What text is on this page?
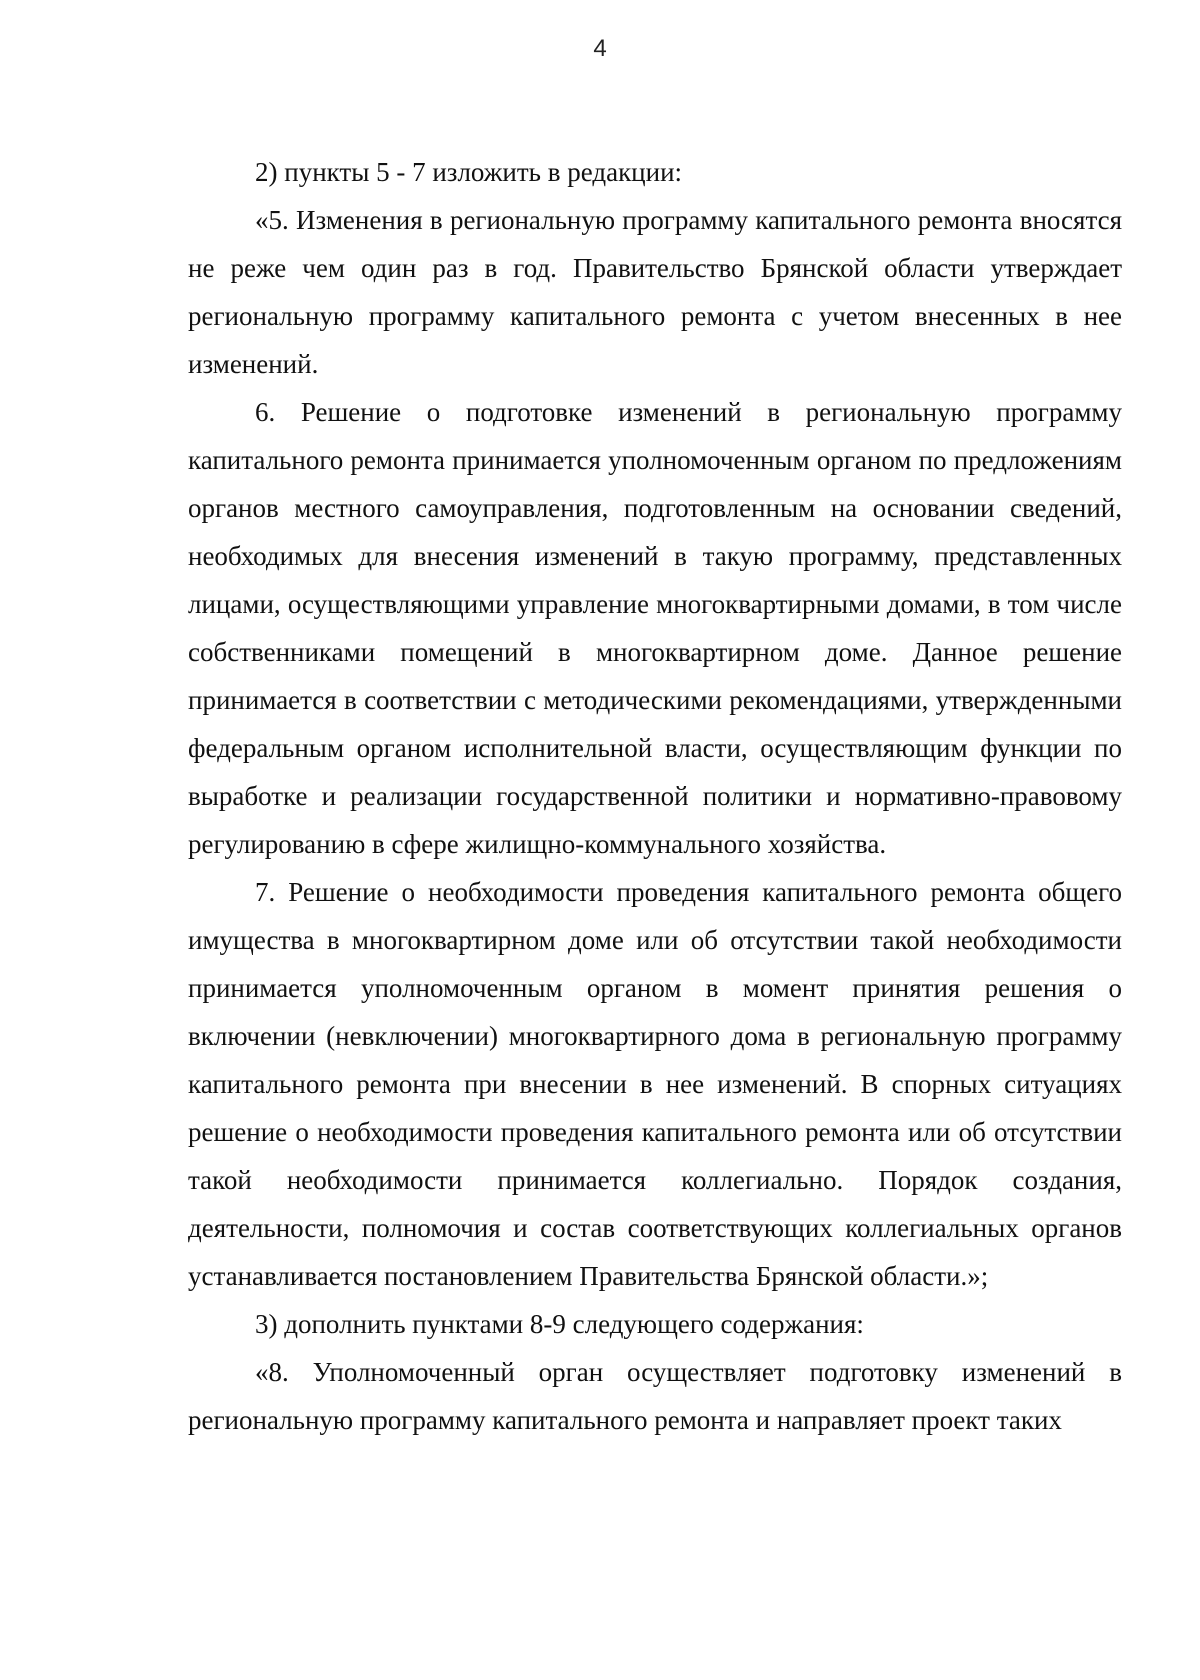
4

2) пункты 5 - 7 изложить в редакции:

«5. Изменения в региональную программу капитального ремонта вносятся не реже чем один раз в год. Правительство Брянской области утверждает региональную программу капитального ремонта с учетом внесенных в нее изменений.

6. Решение о подготовке изменений в региональную программу капитального ремонта принимается уполномоченным органом по предложениям органов местного самоуправления, подготовленным на основании сведений, необходимых для внесения изменений в такую программу, представленных лицами, осуществляющими управление многоквартирными домами, в том числе собственниками помещений в многоквартирном доме. Данное решение принимается в соответствии с методическими рекомендациями, утвержденными федеральным органом исполнительной власти, осуществляющим функции по выработке и реализации государственной политики и нормативно-правовому регулированию в сфере жилищно-коммунального хозяйства.

7. Решение о необходимости проведения капитального ремонта общего имущества в многоквартирном доме или об отсутствии такой необходимости принимается уполномоченным органом в момент принятия решения о включении (невключении) многоквартирного дома в региональную программу капитального ремонта при внесении в нее изменений. В спорных ситуациях решение о необходимости проведения капитального ремонта или об отсутствии такой необходимости принимается коллегиально. Порядок создания, деятельности, полномочия и состав соответствующих коллегиальных органов устанавливается постановлением Правительства Брянской области.»;

3) дополнить пунктами 8-9 следующего содержания:

«8. Уполномоченный орган осуществляет подготовку изменений в региональную программу капитального ремонта и направляет проект таких
